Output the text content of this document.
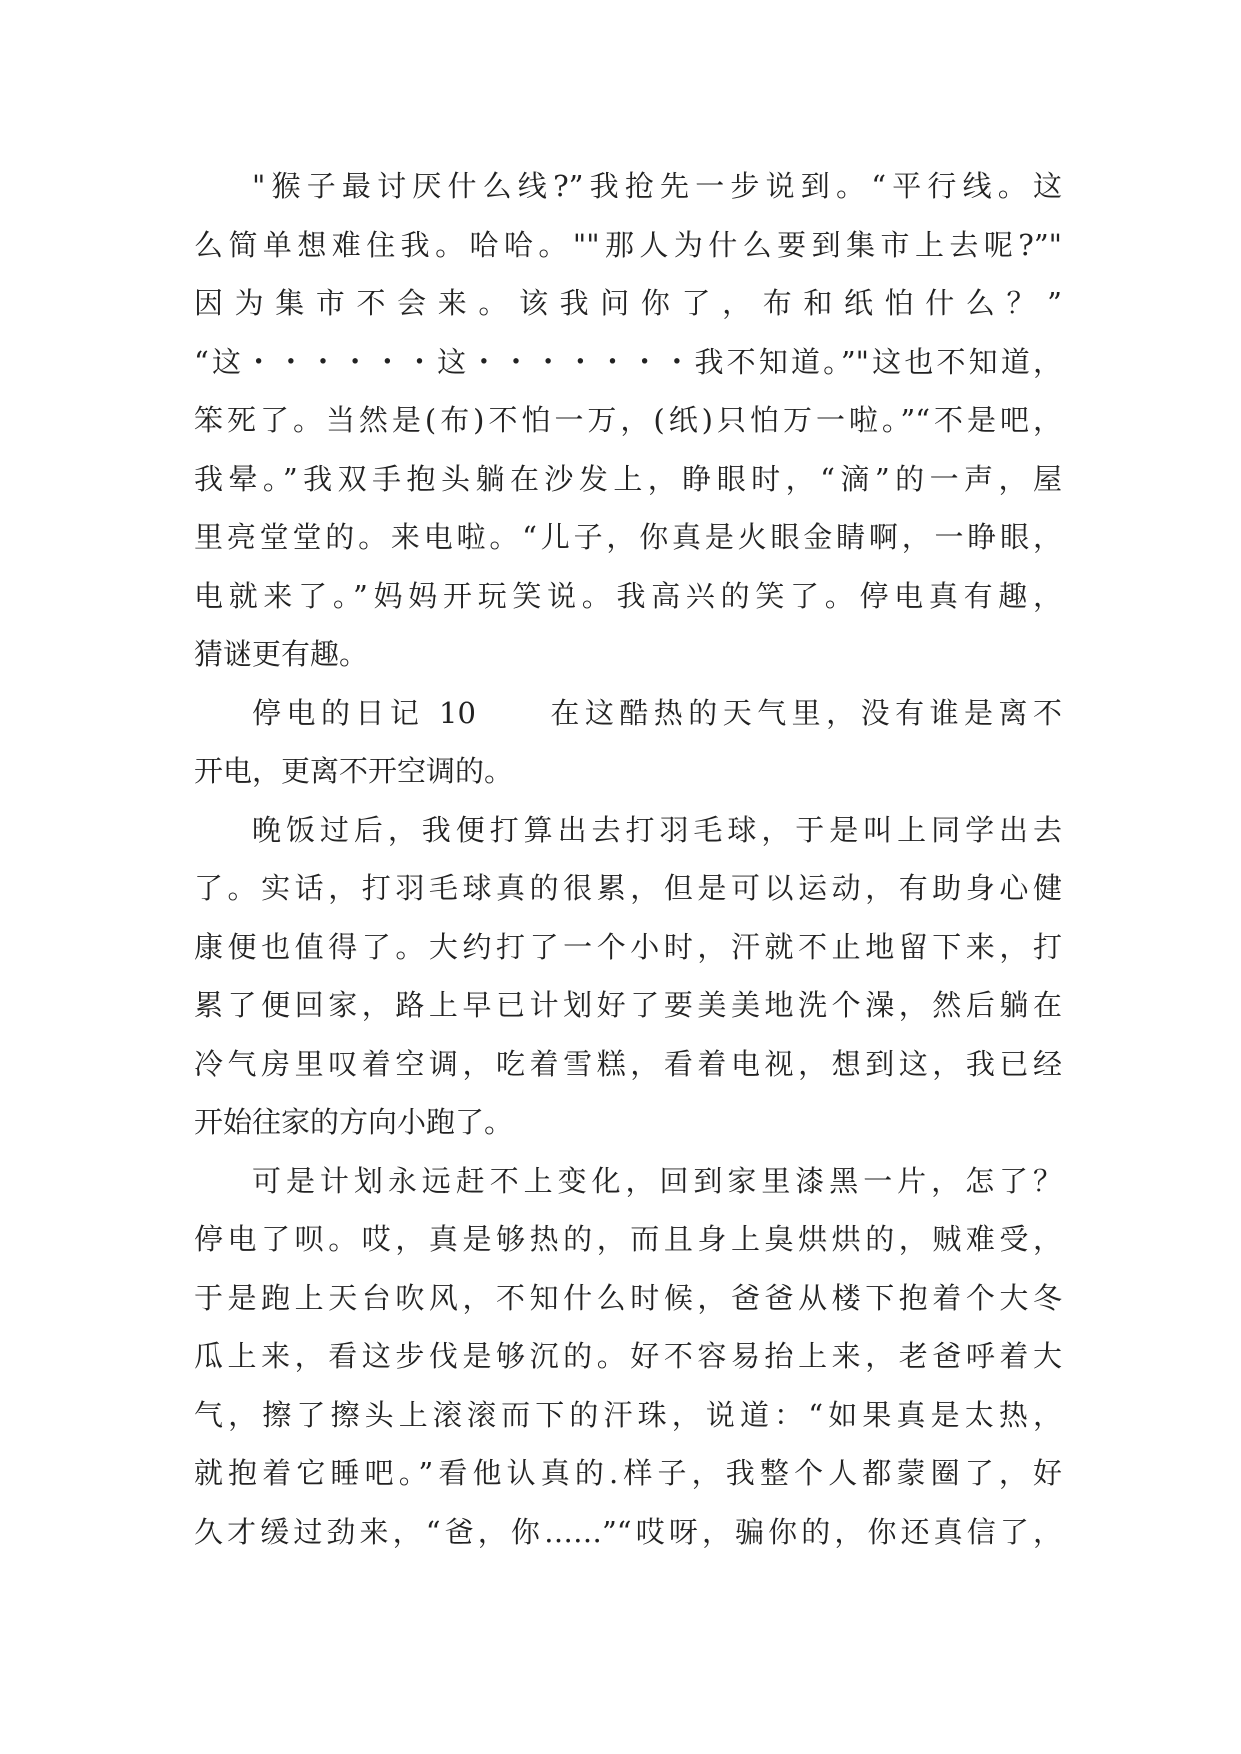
"猴子最讨厌什么线?”我抢先一步说到。“平行线。这
么简单想难住我。哈哈。""那人为什么要到集市上去呢?”"
因 为 集 市 不 会 来 。 该 我 问 你 了 ， 布 和 纸 怕 什 么 ？ ”
“这・・・・・・这・・・・・・・我不知道。”"这也不知道，
笨死了。当然是(布)不怕一万，(纸)只怕万一啦。”“不是吧，
我晕。”我双手抱头躺在沙发上，睁眼时，“滴”的一声，屋
里亮堂堂的。来电啦。“儿子，你真是火眼金睛啊，一睁眼，
电就来了。”妈妈开玩笑说。我高兴的笑了。停电真有趣，
猜谜更有趣。
停电的日记 10　　在这酷热的天气里，没有谁是离不
开电，更离不开空调的。
晚饭过后，我便打算出去打羽毛球，于是叫上同学出去
了。实话，打羽毛球真的很累，但是可以运动，有助身心健
康便也值得了。大约打了一个小时，汗就不止地留下来，打
累了便回家，路上早已计划好了要美美地洗个澡，然后躺在
冷气房里叹着空调，吃着雪糕，看着电视，想到这，我已经
开始往家的方向小跑了。
可是计划永远赶不上变化，回到家里漆黑一片，怎了？
停电了呗。哎，真是够热的，而且身上臭烘烘的，贼难受，
于是跑上天台吹风，不知什么时候，爸爸从楼下抱着个大冬
瓜上来，看这步伐是够沉的。好不容易抬上来，老爸呼着大
气，擦了擦头上滚滚而下的汗珠，说道：“如果真是太热，
就抱着它睡吧。”看他认真的.样子，我整个人都蒙圈了，好
久才缓过劲来，“爸，你……”“哎呀，骗你的，你还真信了，
